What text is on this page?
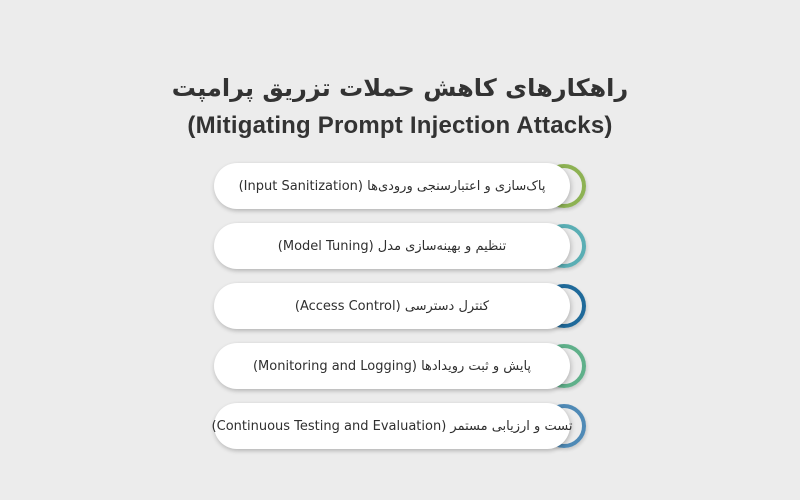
راهکارهای کاهش حملات تزریق پرامپت
(Mitigating Prompt Injection Attacks)
پاک‌سازی و اعتبارسنجی ورودی‌ها (Input Sanitization)
تنظیم و بهینه‌سازی مدل (Model Tuning)
کنترل دسترسی (Access Control)
پایش و ثبت رویدادها (Monitoring and Logging)
تست و ارزیابی مستمر (Continuous Testing and Evaluation)
